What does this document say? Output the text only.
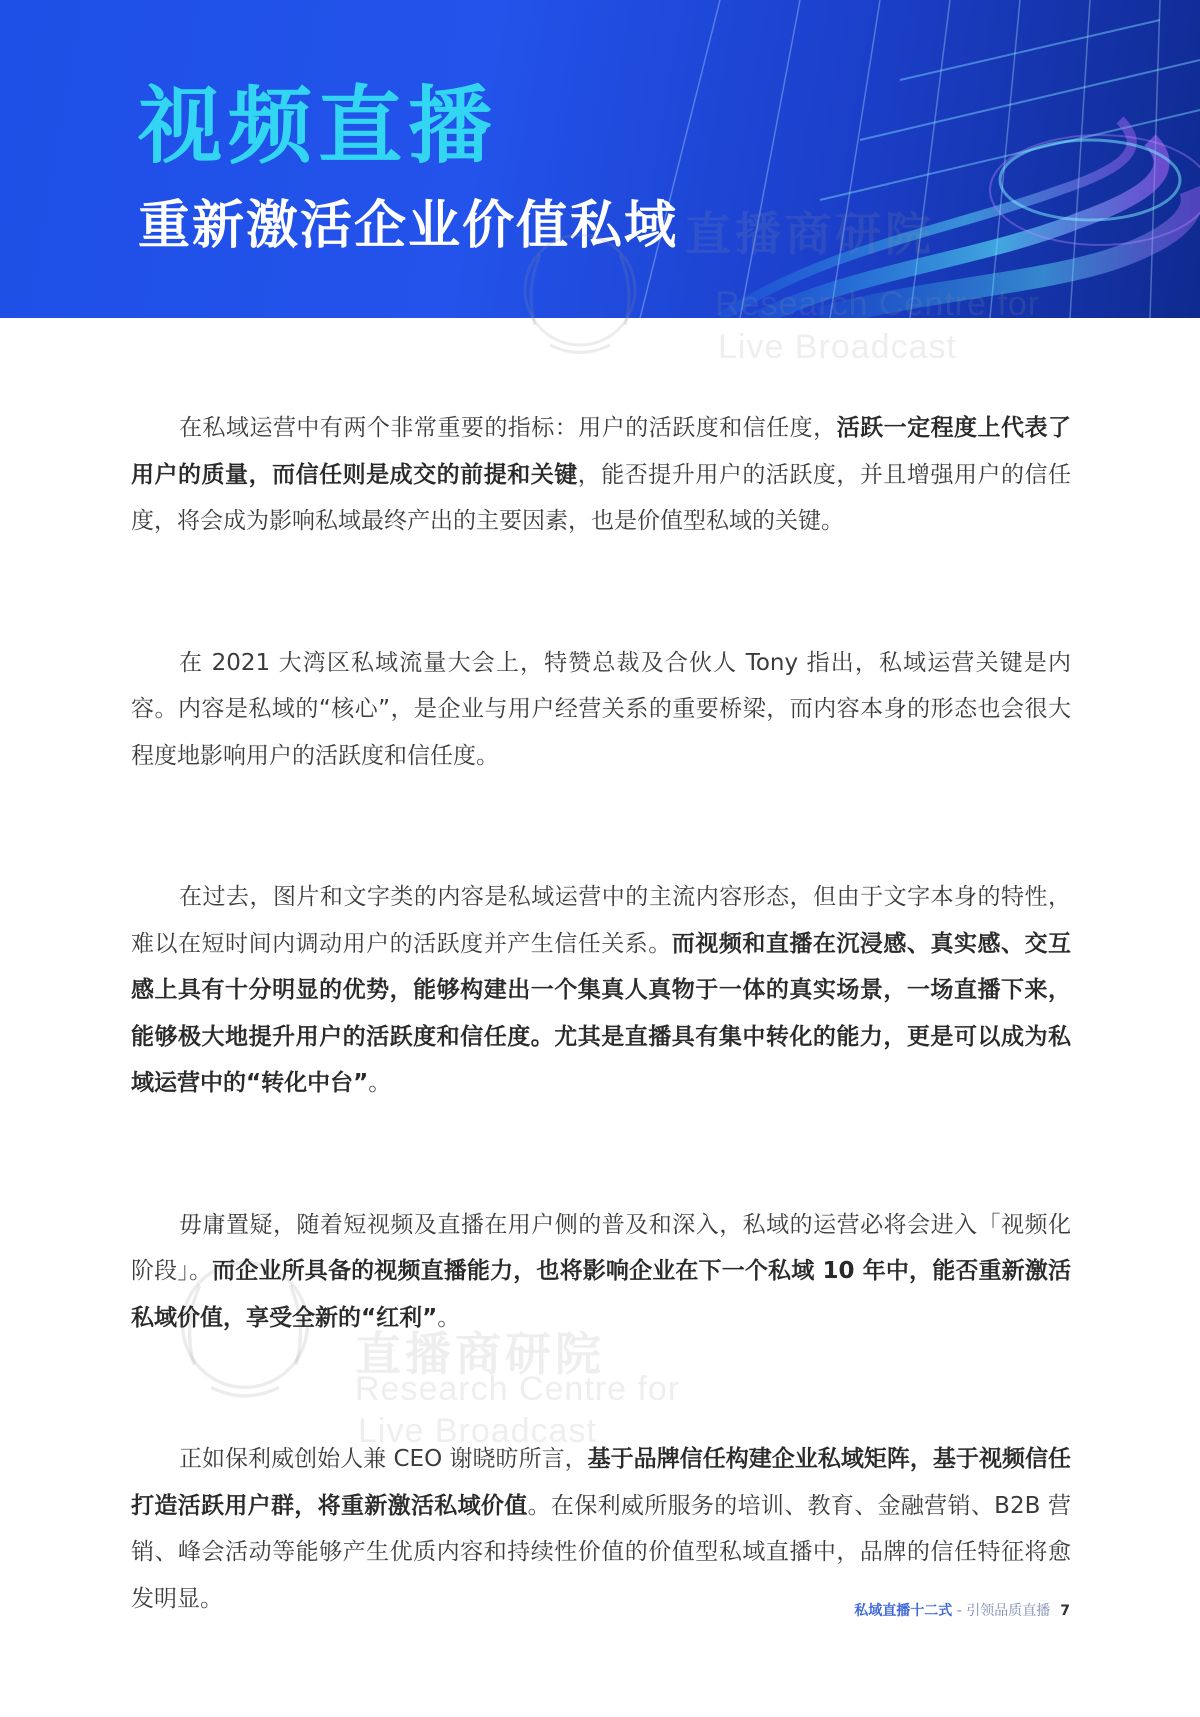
视频直播
重新激活企业价值私域
Live Broadcast
直播商研院
Research Centre for
Live Broadcast

在私域运营中有两个非常重要的指标：用户的活跃度和信任度，活跃一定程度上代表了用户的质量，而信任则是成交的前提和关键，能否提升用户的活跃度，并且增强用户的信任度，将会成为影响私域最终产出的主要因素，也是价值型私域的关键。

在 2021 大湾区私域流量大会上，特赞总裁及合伙人 Tony 指出，私域运营关键是内容。内容是私域的“核心”，是企业与用户经营关系的重要桥梁，而内容本身的形态也会很大程度地影响用户的活跃度和信任度。

在过去，图片和文字类的内容是私域运营中的主流内容形态，但由于文字本身的特性，难以在短时间内调动用户的活跃度并产生信任关系。而视频和直播在沉浸感、真实感、交互感上具有十分明显的优势，能够构建出一个集真人真物于一体的真实场景，一场直播下来，能够极大地提升用户的活跃度和信任度。尤其是直播具有集中转化的能力，更是可以成为私域运营中的“转化中台”。

毋庸置疑，随着短视频及直播在用户侧的普及和深入，私域的运营必将会进入「视频化阶段」。而企业所具备的视频直播能力，也将影响企业在下一个私域 10 年中，能否重新激活私域价值，享受全新的“红利”。

正如保利威创始人兼 CEO 谢晓昉所言，基于品牌信任构建企业私域矩阵，基于视频信任打造活跃用户群，将重新激活私域价值。在保利威所服务的培训、教育、金融营销、B2B 营销、峰会活动等能够产生优质内容和持续性价值的价值型私域直播中，品牌的信任特征将愈发明显。	私域直播十二式 - 引领品质直播 7
